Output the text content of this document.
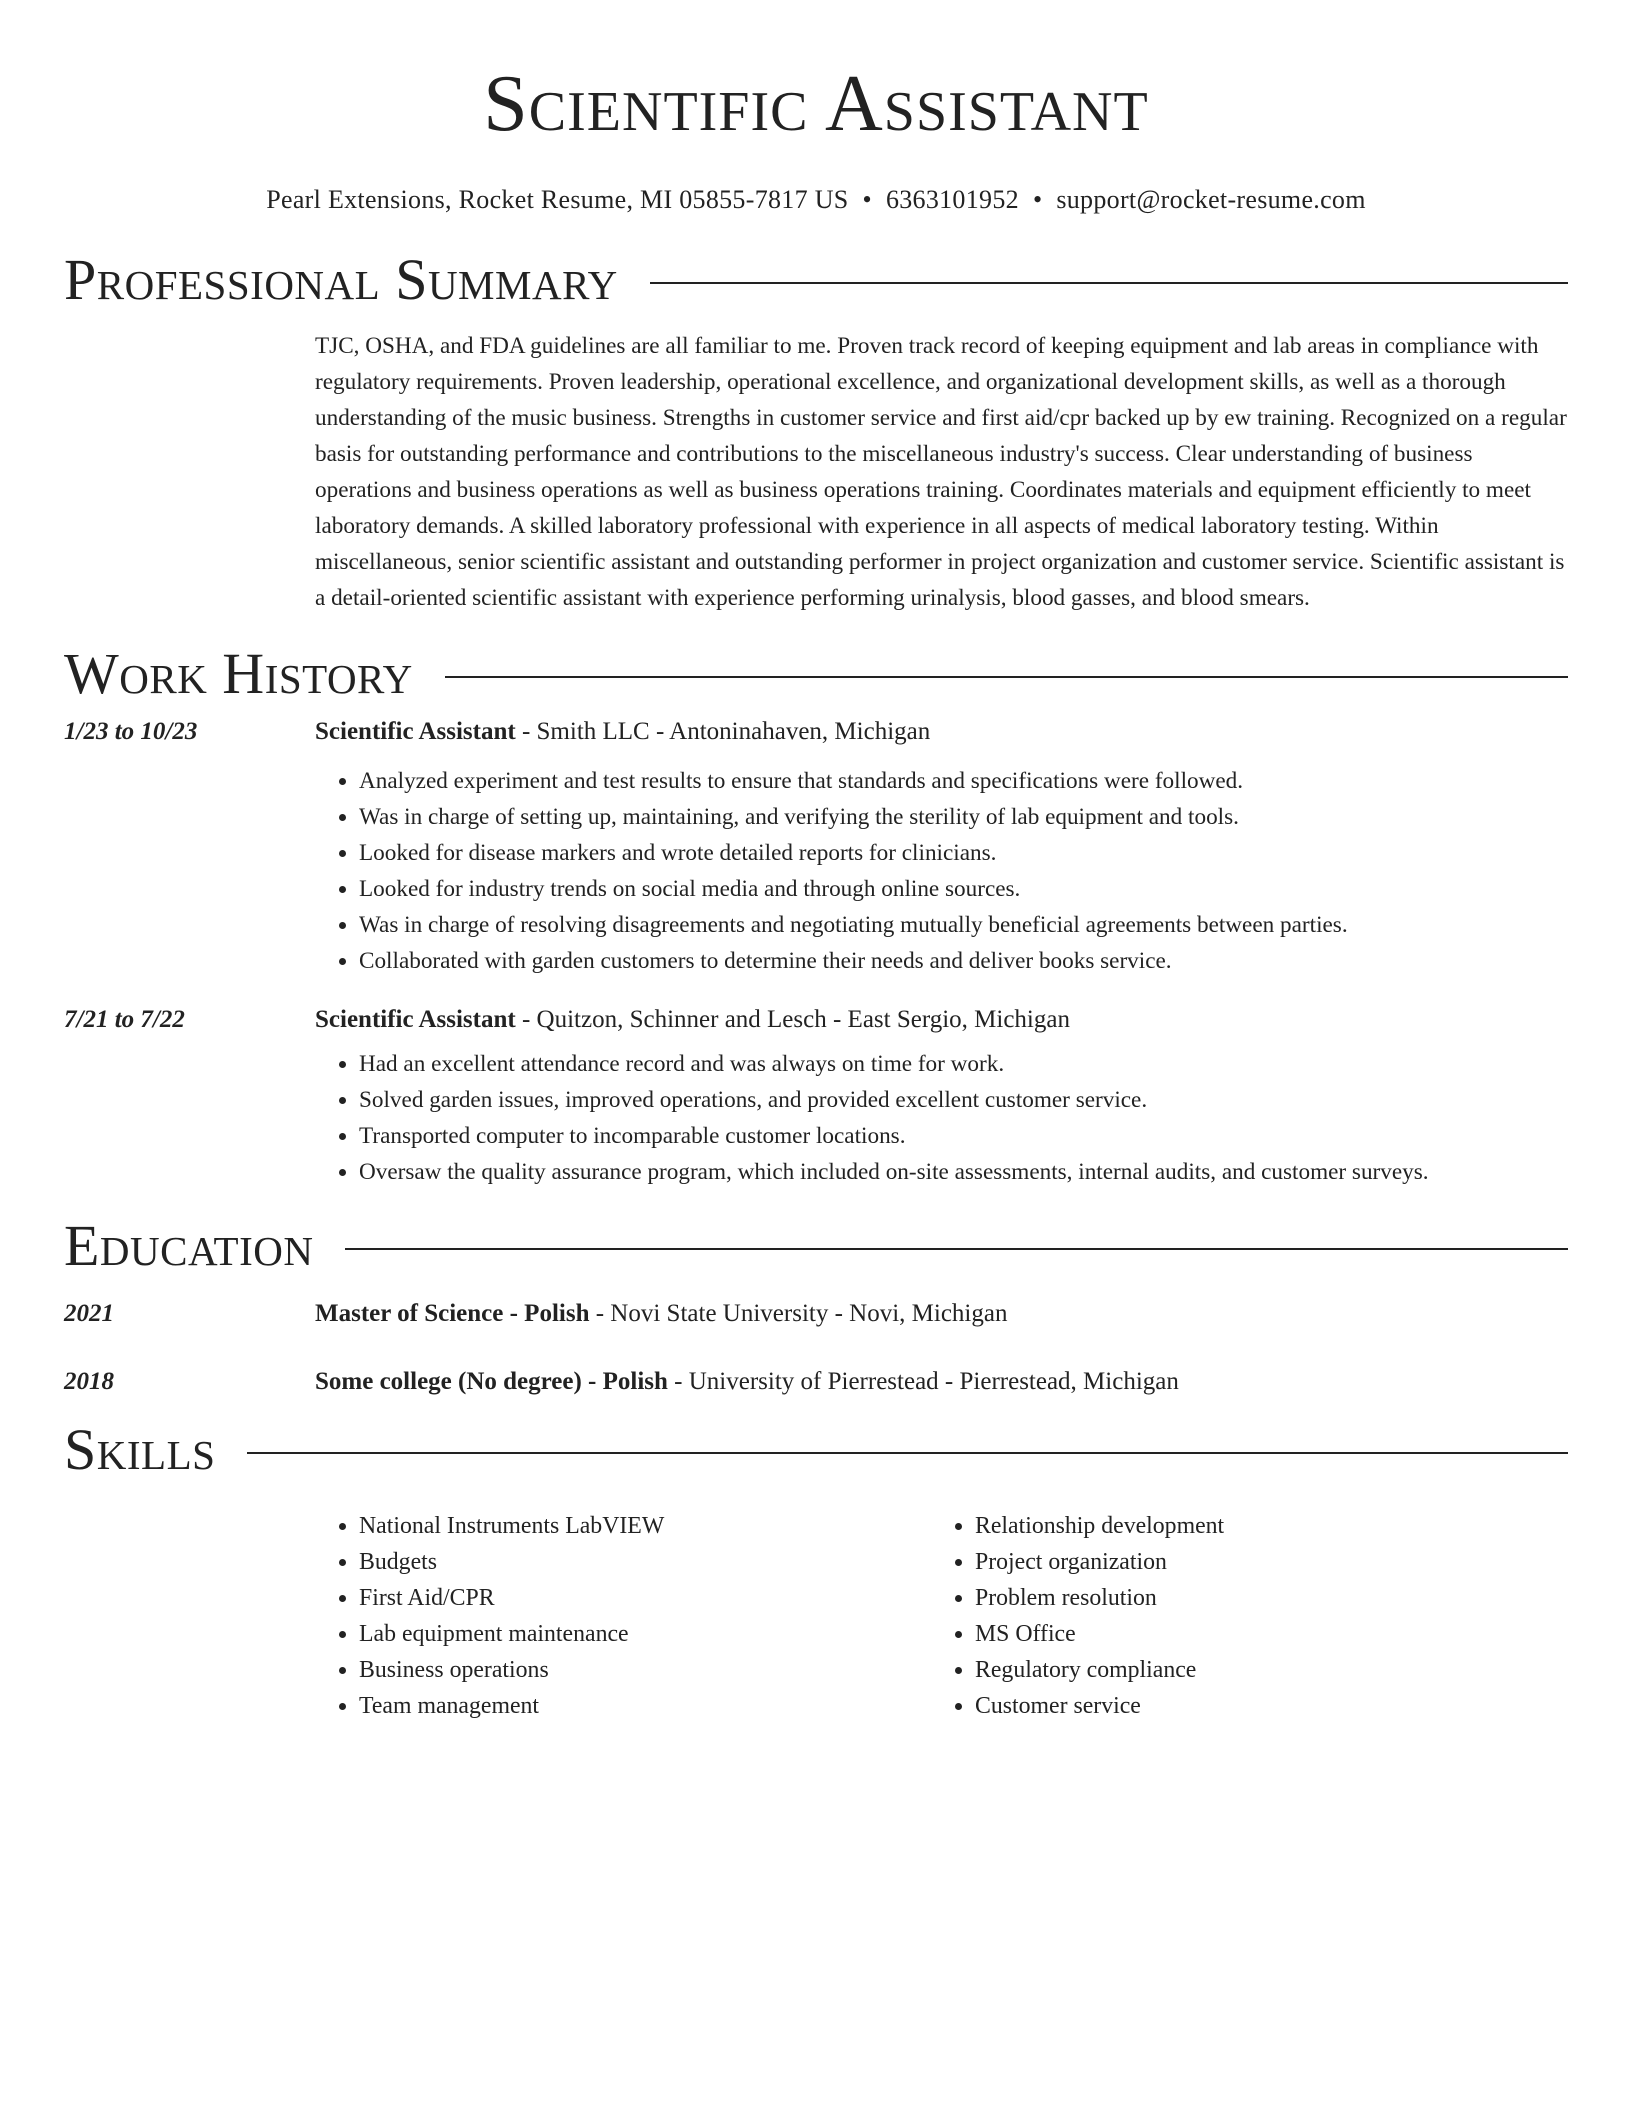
Scientific Assistant
Pearl Extensions, Rocket Resume, MI 05855-7817 US • 6363101952 • support@rocket-resume.com
Professional Summary
TJC, OSHA, and FDA guidelines are all familiar to me. Proven track record of keeping equipment and lab areas in compliance with regulatory requirements. Proven leadership, operational excellence, and organizational development skills, as well as a thorough understanding of the music business. Strengths in customer service and first aid/cpr backed up by ew training. Recognized on a regular basis for outstanding performance and contributions to the miscellaneous industry's success. Clear understanding of business operations and business operations as well as business operations training. Coordinates materials and equipment efficiently to meet laboratory demands. A skilled laboratory professional with experience in all aspects of medical laboratory testing. Within miscellaneous, senior scientific assistant and outstanding performer in project organization and customer service. Scientific assistant is a detail-oriented scientific assistant with experience performing urinalysis, blood gasses, and blood smears.
Work History
1/23 to 10/23	Scientific Assistant - Smith LLC - Antoninahaven, Michigan
• Analyzed experiment and test results to ensure that standards and specifications were followed.
• Was in charge of setting up, maintaining, and verifying the sterility of lab equipment and tools.
• Looked for disease markers and wrote detailed reports for clinicians.
• Looked for industry trends on social media and through online sources.
• Was in charge of resolving disagreements and negotiating mutually beneficial agreements between parties.
• Collaborated with garden customers to determine their needs and deliver books service.
7/21 to 7/22	Scientific Assistant - Quitzon, Schinner and Lesch - East Sergio, Michigan
• Had an excellent attendance record and was always on time for work.
• Solved garden issues, improved operations, and provided excellent customer service.
• Transported computer to incomparable customer locations.
• Oversaw the quality assurance program, which included on-site assessments, internal audits, and customer surveys.
Education
2021	Master of Science - Polish - Novi State University - Novi, Michigan
2018	Some college (No degree) - Polish - University of Pierrestead - Pierrestead, Michigan
Skills
• National Instruments LabVIEW
• Budgets
• First Aid/CPR
• Lab equipment maintenance
• Business operations
• Team management
• Relationship development
• Project organization
• Problem resolution
• MS Office
• Regulatory compliance
• Customer service
